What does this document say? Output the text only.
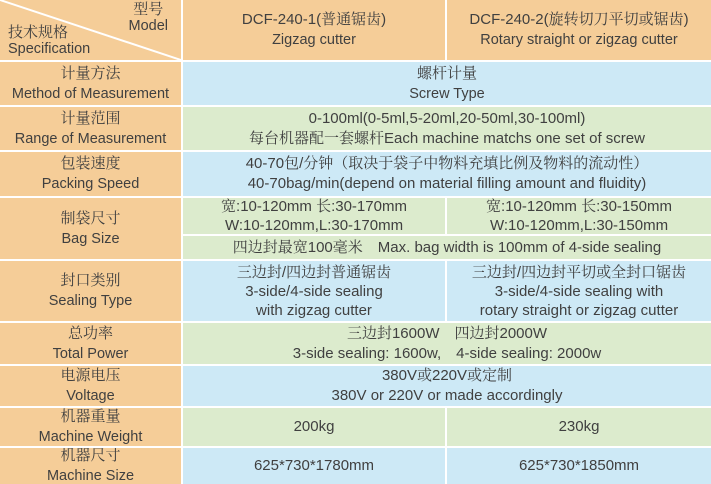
型号
Model
技术规格
Specification
DCF-240-1(普通锯齿)
Zigzag cutter
DCF-240-2(旋转切刀平切或锯齿)
Rotary straight or zigzag cutter
计量方法
Method of Measurement
螺杆计量
Screw Type
计量范围
Range of Measurement
0-100ml(0-5ml,5-20ml,20-50ml,30-100ml)
每台机器配一套螺杆Each machine matchs one set of screw
包装速度
Packing Speed
40-70包/分钟（取决于袋子中物料充填比例及物料的流动性）
40-70bag/min(depend on material filling amount and fluidity)
制袋尺寸
Bag Size
宽:10-120mm 长:30-170mm
W:10-120mm,L:30-170mm
宽:10-120mm 长:30-150mm
W:10-120mm,L:30-150mm
四边封最宽100毫米　Max. bag width is 100mm of 4-side sealing
封口类别
Sealing Type
三边封/四边封普通锯齿
3-side/4-side sealing
with zigzag cutter
三边封/四边封平切或全封口锯齿
3-side/4-side sealing with
rotary straight or zigzag cutter
总功率
Total Power
三边封1600W　四边封2000W
3-side sealing: 1600w,　4-side sealing: 2000w
电源电压
Voltage
380V或220V或定制
380V or 220V or made accordingly
机器重量
Machine Weight
200kg	230kg
机器尺寸
Machine Size
625*730*1780mm	625*730*1850mm
